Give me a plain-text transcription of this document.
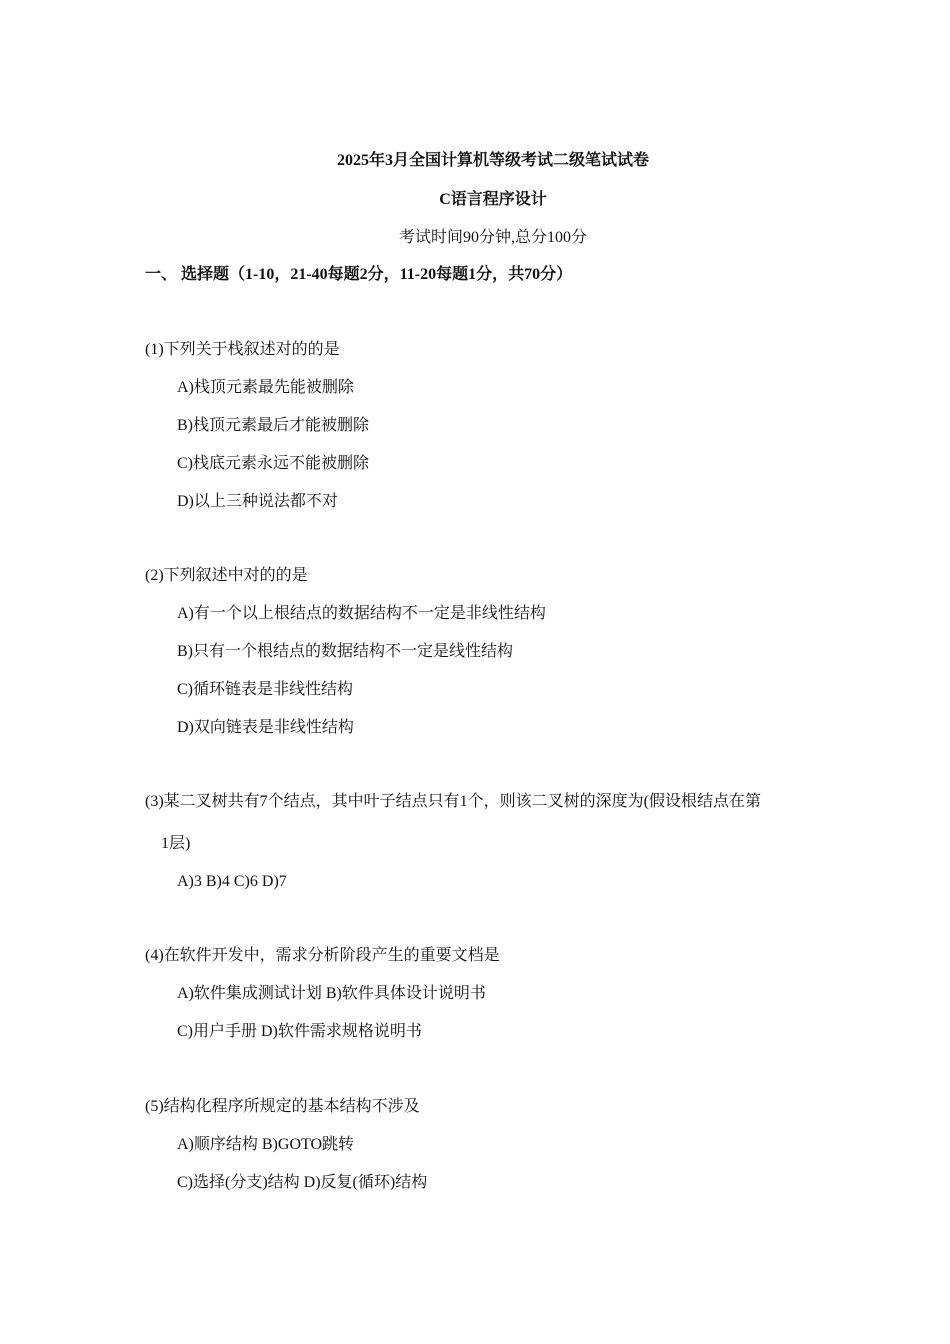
2025年3月全国计算机等级考试二级笔试试卷
C语言程序设计
考试时间90分钟,总分100分
一、 选择题（1-10，21-40每题2分，11-20每题1分，共70分）
(1)下列关于栈叙述对的的是
A)栈顶元素最先能被删除
B)栈顶元素最后才能被删除
C)栈底元素永远不能被删除
D)以上三种说法都不对
(2)下列叙述中对的的是
A)有一个以上根结点的数据结构不一定是非线性结构
B)只有一个根结点的数据结构不一定是线性结构
C)循环链表是非线性结构
D)双向链表是非线性结构
(3)某二叉树共有7个结点，其中叶子结点只有1个，则该二叉树的深度为(假设根结点在第
1层)
A)3 B)4 C)6 D)7
(4)在软件开发中，需求分析阶段产生的重要文档是
A)软件集成测试计划 B)软件具体设计说明书
C)用户手册 D)软件需求规格说明书
(5)结构化程序所规定的基本结构不涉及
A)顺序结构 B)GOTO跳转
C)选择(分支)结构 D)反复(循环)结构
